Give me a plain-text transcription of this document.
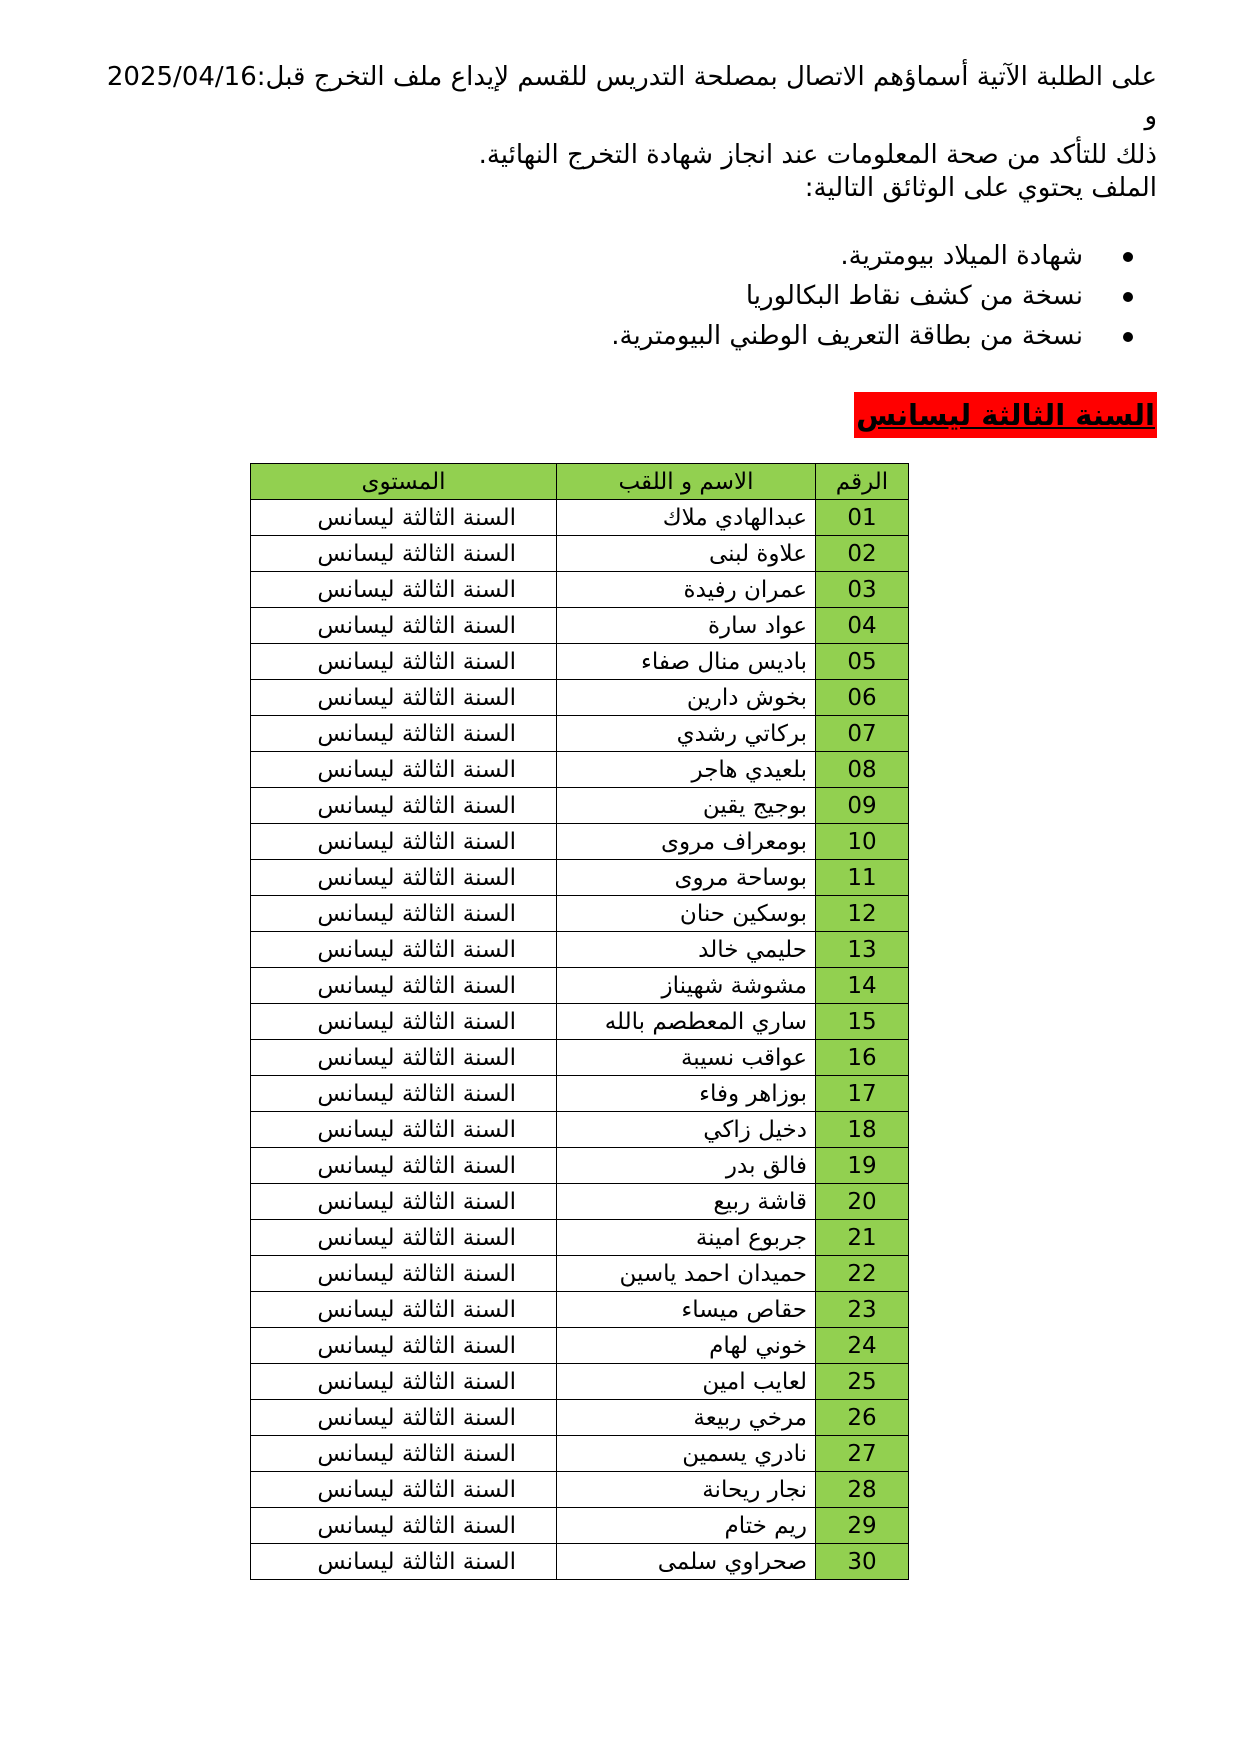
على الطلبة الآتية أسماؤهم الاتصال بمصلحة التدريس للقسم لإيداع ملف التخرج قبل:2025/04/16 و
ذلك للتأكد من صحة المعلومات عند انجاز شهادة التخرج النهائية.
الملف يحتوي على الوثائق التالية:
شهادة الميلاد بيومترية.
نسخة من كشف نقاط البكالوريا
نسخة من بطاقة التعريف الوطني البيومترية.
السنة الثالثة ليسانس
الرقم	الاسم و اللقب	المستوى
01	عبدالهادي ملاك	السنة الثالثة ليسانس
02	علاوة لبنى	السنة الثالثة ليسانس
03	عمران رفيدة	السنة الثالثة ليسانس
04	عواد سارة	السنة الثالثة ليسانس
05	باديس منال صفاء	السنة الثالثة ليسانس
06	بخوش دارين	السنة الثالثة ليسانس
07	بركاتي رشدي	السنة الثالثة ليسانس
08	بلعيدي هاجر	السنة الثالثة ليسانس
09	بوجيج يقين	السنة الثالثة ليسانس
10	بومعراف مروى	السنة الثالثة ليسانس
11	بوساحة مروى	السنة الثالثة ليسانس
12	بوسكين حنان	السنة الثالثة ليسانس
13	حليمي خالد	السنة الثالثة ليسانس
14	مشوشة شهيناز	السنة الثالثة ليسانس
15	ساري المعطصم بالله	السنة الثالثة ليسانس
16	عواقب نسيبة	السنة الثالثة ليسانس
17	بوزاهر وفاء	السنة الثالثة ليسانس
18	دخيل زاكي	السنة الثالثة ليسانس
19	فالق بدر	السنة الثالثة ليسانس
20	قاشة ربيع	السنة الثالثة ليسانس
21	جربوع امينة	السنة الثالثة ليسانس
22	حميدان احمد ياسين	السنة الثالثة ليسانس
23	حقاص ميساء	السنة الثالثة ليسانس
24	خوني لهام	السنة الثالثة ليسانس
25	لعايب امين	السنة الثالثة ليسانس
26	مرخي ربيعة	السنة الثالثة ليسانس
27	نادري يسمين	السنة الثالثة ليسانس
28	نجار ريحانة	السنة الثالثة ليسانس
29	ريم ختام	السنة الثالثة ليسانس
30	صحراوي سلمى	السنة الثالثة ليسانس
